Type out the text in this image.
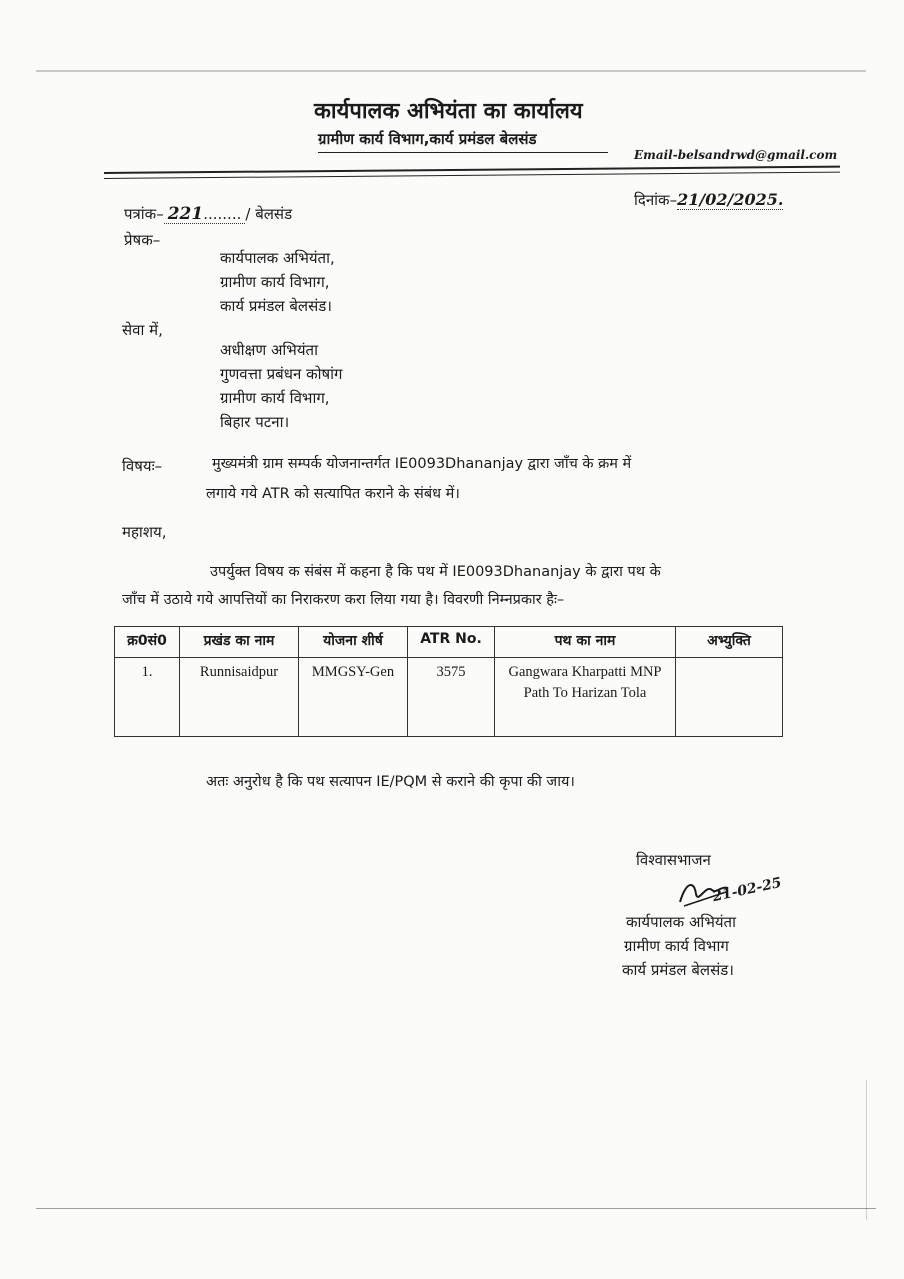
कार्यपालक अभियंता का कार्यालय
ग्रामीण कार्य विभाग,कार्य प्रमंडल बेलसंड
Email-belsandrwd@gmail.com
पत्रांक– 221........ / बेलसंड
दिनांक–21/02/2025.
प्रेषक–
कार्यपालक अभियंता,
ग्रामीण कार्य विभाग,
कार्य प्रमंडल बेलसंड।
सेवा में,
अधीक्षण अभियंता
गुणवत्ता प्रबंधन कोषांग
ग्रामीण कार्य विभाग,
बिहार पटना।
विषयः–	मुख्यमंत्री ग्राम सम्पर्क योजनान्तर्गत IE0093Dhananjay द्वारा जाँच के क्रम में
लगाये गये ATR को सत्यापित कराने के संबंध में।
महाशय,
उपर्युक्त विषय क संबंस में कहना है कि पथ में IE0093Dhananjay के द्वारा पथ के
जाँच में उठाये गये आपत्तियों का निराकरण करा लिया गया है। विवरणी निम्नप्रकार हैः–
क्र0सं0	प्रखंड का नाम	योजना शीर्ष	ATR No.	पथ का नाम	अभ्युक्ति
1.	Runnisaidpur	MMGSY-Gen	3575	Gangwara Kharpatti MNP Path To Harizan Tola	
अतः अनुरोध है कि पथ सत्यापन IE/PQM से कराने की कृपा की जाय।
विश्वासभाजन
21-02-25
कार्यपालक अभियंता
ग्रामीण कार्य विभाग
कार्य प्रमंडल बेलसंड।
